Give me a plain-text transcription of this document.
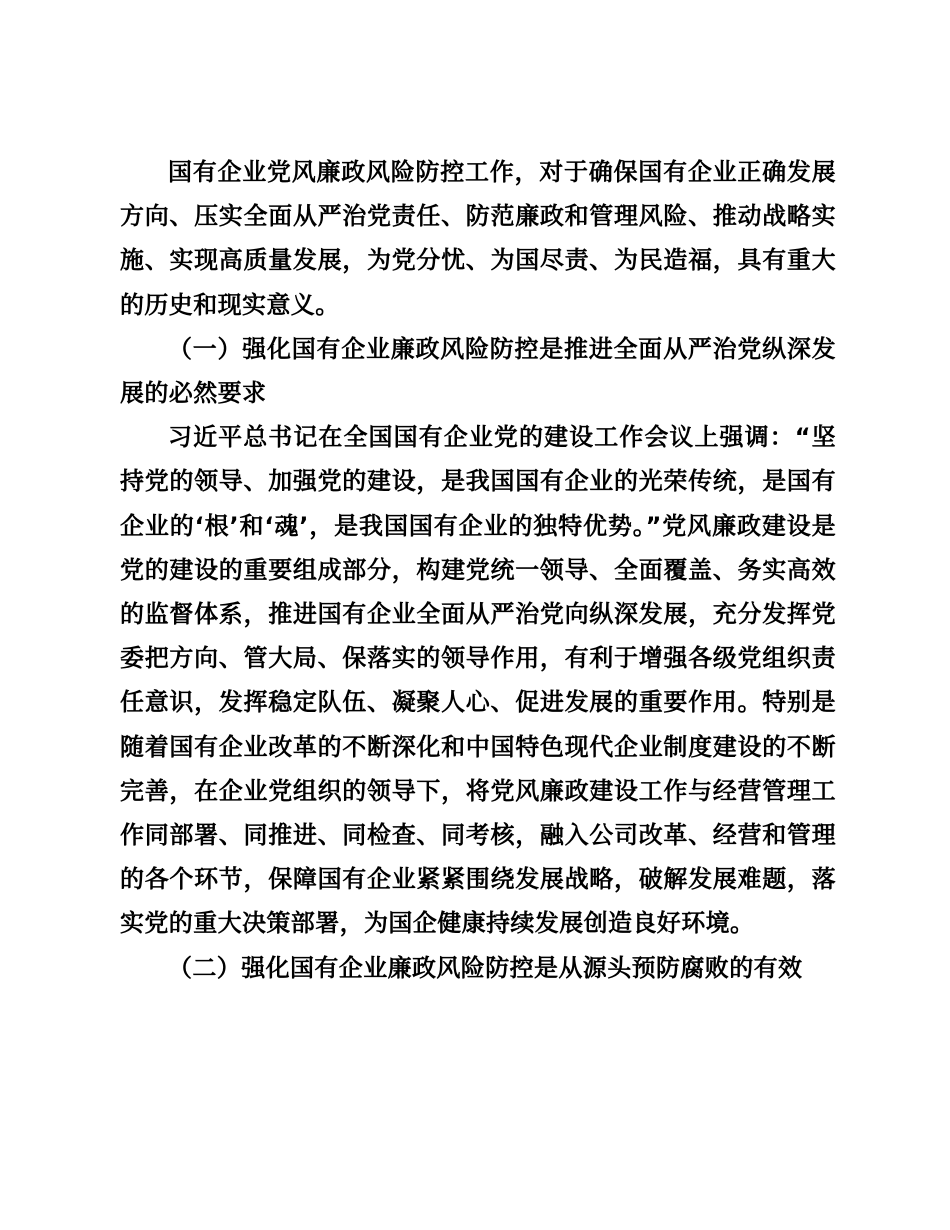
国有企业党风廉政风险防控工作，对于确保国有企业正确发展方向、压实全面从严治党责任、防范廉政和管理风险、推动战略实施、实现高质量发展，为党分忧、为国尽责、为民造福，具有重大的历史和现实意义。

（一）强化国有企业廉政风险防控是推进全面从严治党纵深发展的必然要求

习近平总书记在全国国有企业党的建设工作会议上强调：“坚持党的领导、加强党的建设，是我国国有企业的光荣传统，是国有企业的‘根’和‘魂’，是我国国有企业的独特优势。”党风廉政建设是党的建设的重要组成部分，构建党统一领导、全面覆盖、务实高效的监督体系，推进国有企业全面从严治党向纵深发展，充分发挥党委把方向、管大局、保落实的领导作用，有利于增强各级党组织责任意识，发挥稳定队伍、凝聚人心、促进发展的重要作用。特别是随着国有企业改革的不断深化和中国特色现代企业制度建设的不断完善，在企业党组织的领导下，将党风廉政建设工作与经营管理工作同部署、同推进、同检查、同考核，融入公司改革、经营和管理的各个环节，保障国有企业紧紧围绕发展战略，破解发展难题，落实党的重大决策部署，为国企健康持续发展创造良好环境。

（二）强化国有企业廉政风险防控是从源头预防腐败的有效
